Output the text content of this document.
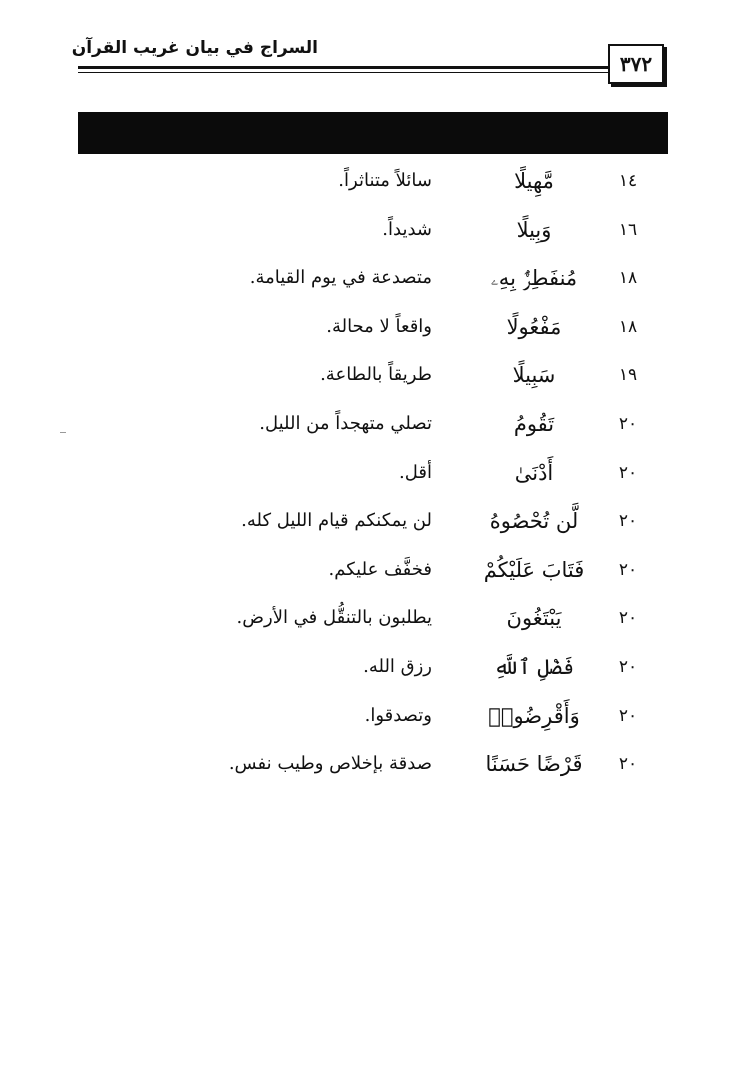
السراج في بيان غريب القرآن
٣٧٢
١٤
مَّهِيلًا
سائلاً متناثراً.
١٦
وَبِيلًا
شديداً.
١٨
مُنفَطِرٌۢ بِهِۦ
متصدعة في يوم القيامة.
١٨
مَفْعُولًا
واقعاً لا محالة.
١٩
سَبِيلًا
طريقاً بالطاعة.
٢٠
تَقُومُ
تصلي متهجداً من الليل.
٢٠
أَدْنَىٰ
أقل.
٢٠
لَّن تُحْصُوهُ
لن يمكنكم قيام الليل كله.
٢٠
فَتَابَ عَلَيْكُمْ
فخفَّف عليكم.
٢٠
يَبْتَغُونَ
يطلبون بالتنقُّل في الأرض.
٢٠
فَضْلِ ٱللَّهِ
رزق الله.
٢٠
وَأَقْرِضُوا۟
وتصدقوا.
٢٠
قَرْضًا حَسَنًا
صدقة بإخلاص وطيب نفس.
